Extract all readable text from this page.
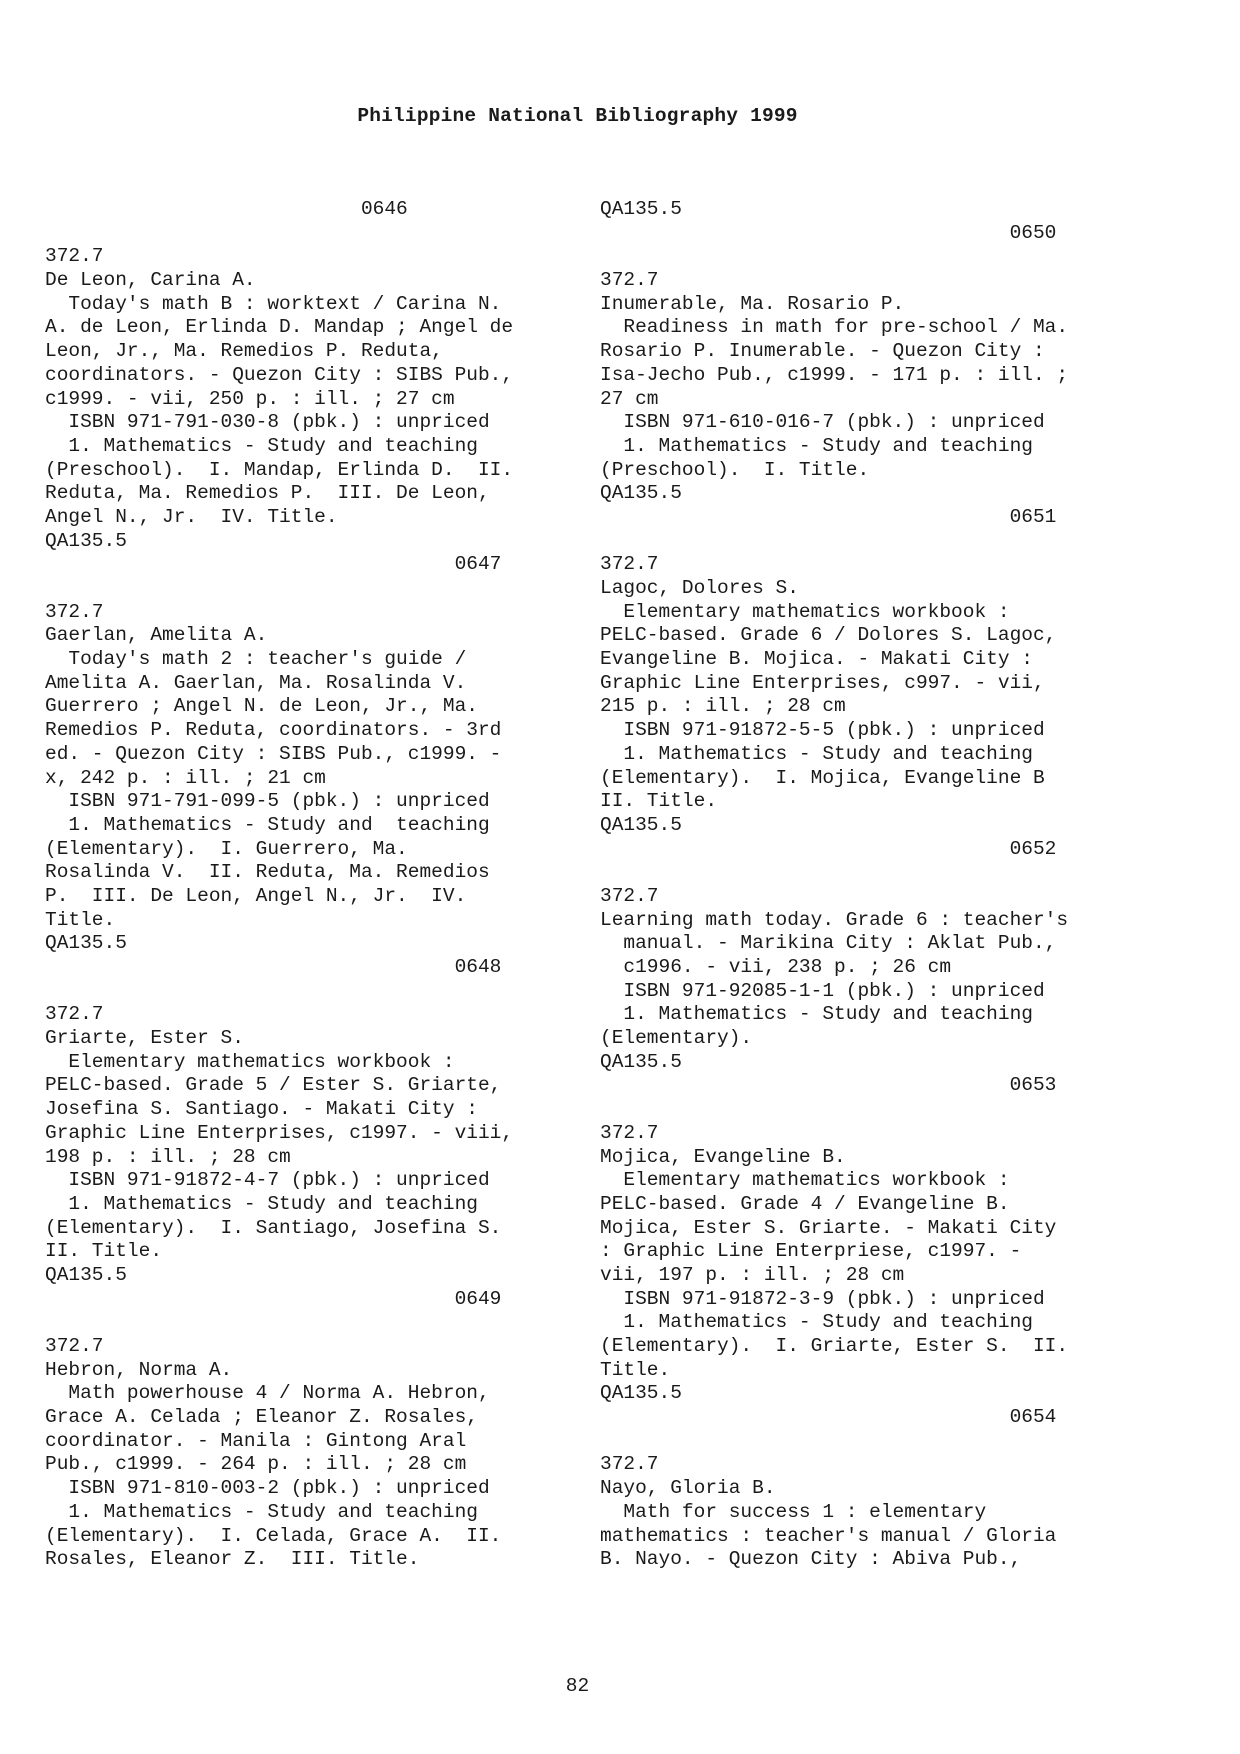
Philippine National Bibliography 1999
0646
372.7
De Leon, Carina A.
Today's math B : worktext / Carina N.
A. de Leon, Erlinda D. Mandap ; Angel de
Leon, Jr., Ma. Remedios P. Reduta,
coordinators. - Quezon City : SIBS Pub.,
c1999. - vii, 250 p. : ill. ; 27 cm
ISBN 971-791-030-8 (pbk.) : unpriced
1. Mathematics - Study and teaching
(Preschool).  I. Mandap, Erlinda D.  II.
Reduta, Ma. Remedios P.  III. De Leon,
Angel N., Jr.  IV. Title.
QA135.5
0647
372.7
Gaerlan, Amelita A.
Today's math 2 : teacher's guide /
Amelita A. Gaerlan, Ma. Rosalinda V.
Guerrero ; Angel N. de Leon, Jr., Ma.
Remedios P. Reduta, coordinators. - 3rd
ed. - Quezon City : SIBS Pub., c1999. -
x, 242 p. : ill. ; 21 cm
ISBN 971-791-099-5 (pbk.) : unpriced
1. Mathematics - Study and  teaching
(Elementary).  I. Guerrero, Ma.
Rosalinda V.  II. Reduta, Ma. Remedios
P.  III. De Leon, Angel N., Jr.  IV.
Title.
QA135.5
0648
372.7
Griarte, Ester S.
Elementary mathematics workbook :
PELC-based. Grade 5 / Ester S. Griarte,
Josefina S. Santiago. - Makati City :
Graphic Line Enterprises, c1997. - viii,
198 p. : ill. ; 28 cm
ISBN 971-91872-4-7 (pbk.) : unpriced
1. Mathematics - Study and teaching
(Elementary).  I. Santiago, Josefina S.
II. Title.
QA135.5
0649
372.7
Hebron, Norma A.
Math powerhouse 4 / Norma A. Hebron,
Grace A. Celada ; Eleanor Z. Rosales,
coordinator. - Manila : Gintong Aral
Pub., c1999. - 264 p. : ill. ; 28 cm
ISBN 971-810-003-2 (pbk.) : unpriced
1. Mathematics - Study and teaching
(Elementary).  I. Celada, Grace A.  II.
Rosales, Eleanor Z.  III. Title.
QA135.5
0650
372.7
Inumerable, Ma. Rosario P.
Readiness in math for pre-school / Ma.
Rosario P. Inumerable. - Quezon City :
Isa-Jecho Pub., c1999. - 171 p. : ill. ;
27 cm
ISBN 971-610-016-7 (pbk.) : unpriced
1. Mathematics - Study and teaching
(Preschool).  I. Title.
QA135.5
0651
372.7
Lagoc, Dolores S.
Elementary mathematics workbook :
PELC-based. Grade 6 / Dolores S. Lagoc,
Evangeline B. Mojica. - Makati City :
Graphic Line Enterprises, c997. - vii,
215 p. : ill. ; 28 cm
ISBN 971-91872-5-5 (pbk.) : unpriced
1. Mathematics - Study and teaching
(Elementary).  I. Mojica, Evangeline B
II. Title.
QA135.5
0652
372.7
Learning math today. Grade 6 : teacher's
manual. - Marikina City : Aklat Pub.,
c1996. - vii, 238 p. ; 26 cm
ISBN 971-92085-1-1 (pbk.) : unpriced
1. Mathematics - Study and teaching
(Elementary).
QA135.5
0653
372.7
Mojica, Evangeline B.
Elementary mathematics workbook :
PELC-based. Grade 4 / Evangeline B.
Mojica, Ester S. Griarte. - Makati City
: Graphic Line Enterpriese, c1997. -
vii, 197 p. : ill. ; 28 cm
ISBN 971-91872-3-9 (pbk.) : unpriced
1. Mathematics - Study and teaching
(Elementary).  I. Griarte, Ester S.  II.
Title.
QA135.5
0654
372.7
Nayo, Gloria B.
Math for success 1 : elementary
mathematics : teacher's manual / Gloria
B. Nayo. - Quezon City : Abiva Pub.,
82
